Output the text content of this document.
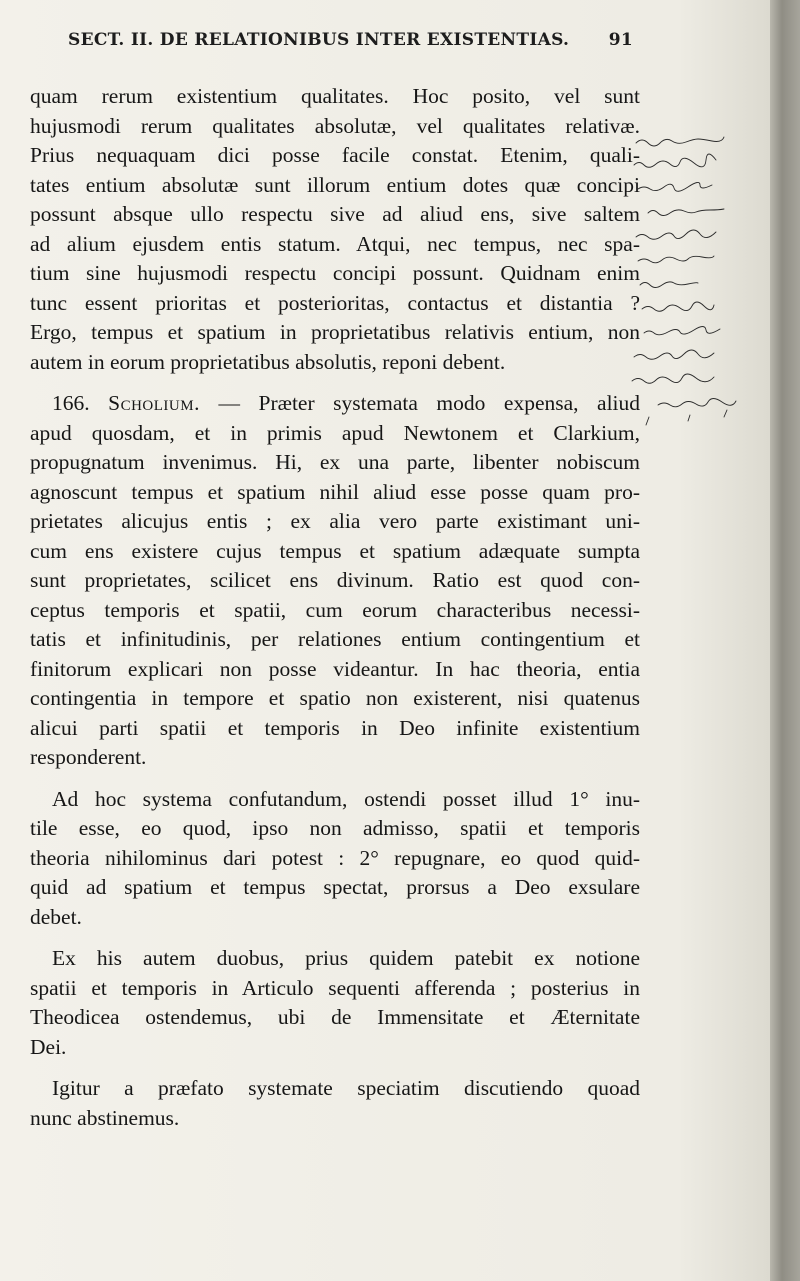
SECT. II. DE RELATIONIBUS INTER EXISTENTIAS. 91
quam rerum existentium qualitates. Hoc posito, vel sunt
hujusmodi rerum qualitates absolutæ, vel qualitates relativæ.
Prius nequaquam dici posse facile constat. Etenim, quali-
tates entium absolutæ sunt illorum entium dotes quæ concipi
possunt absque ullo respectu sive ad aliud ens, sive saltem
ad alium ejusdem entis statum. Atqui, nec tempus, nec spa-
tium sine hujusmodi respectu concipi possunt. Quidnam enim
tunc essent prioritas et posterioritas, contactus et distantia ?
Ergo, tempus et spatium in proprietatibus relativis entium, non
autem in eorum proprietatibus absolutis, reponi debent.
166. Scholium. — Præter systemata modo expensa, aliud
apud quosdam, et in primis apud Newtonem et Clarkium,
propugnatum invenimus. Hi, ex una parte, libenter nobiscum
agnoscunt tempus et spatium nihil aliud esse posse quam pro-
prietates alicujus entis ; ex alia vero parte existimant uni-
cum ens existere cujus tempus et spatium adæquate sumpta
sunt proprietates, scilicet ens divinum. Ratio est quod con-
ceptus temporis et spatii, cum eorum characteribus necessi-
tatis et infinitudinis, per relationes entium contingentium et
finitorum explicari non posse videantur. In hac theoria, entia
contingentia in tempore et spatio non existerent, nisi quatenus
alicui parti spatii et temporis in Deo infinite existentium
responderent.
Ad hoc systema confutandum, ostendi posset illud 1° inu-
tile esse, eo quod, ipso non admisso, spatii et temporis
theoria nihilominus dari potest : 2° repugnare, eo quod quid-
quid ad spatium et tempus spectat, prorsus a Deo exsulare
debet.
Ex his autem duobus, prius quidem patebit ex notione
spatii et temporis in Articulo sequenti afferenda ; posterius in
Theodicea ostendemus, ubi de Immensitate et Æternitate
Dei.
Igitur a præfato systemate speciatim discutiendo quoad
nunc abstinemus.
